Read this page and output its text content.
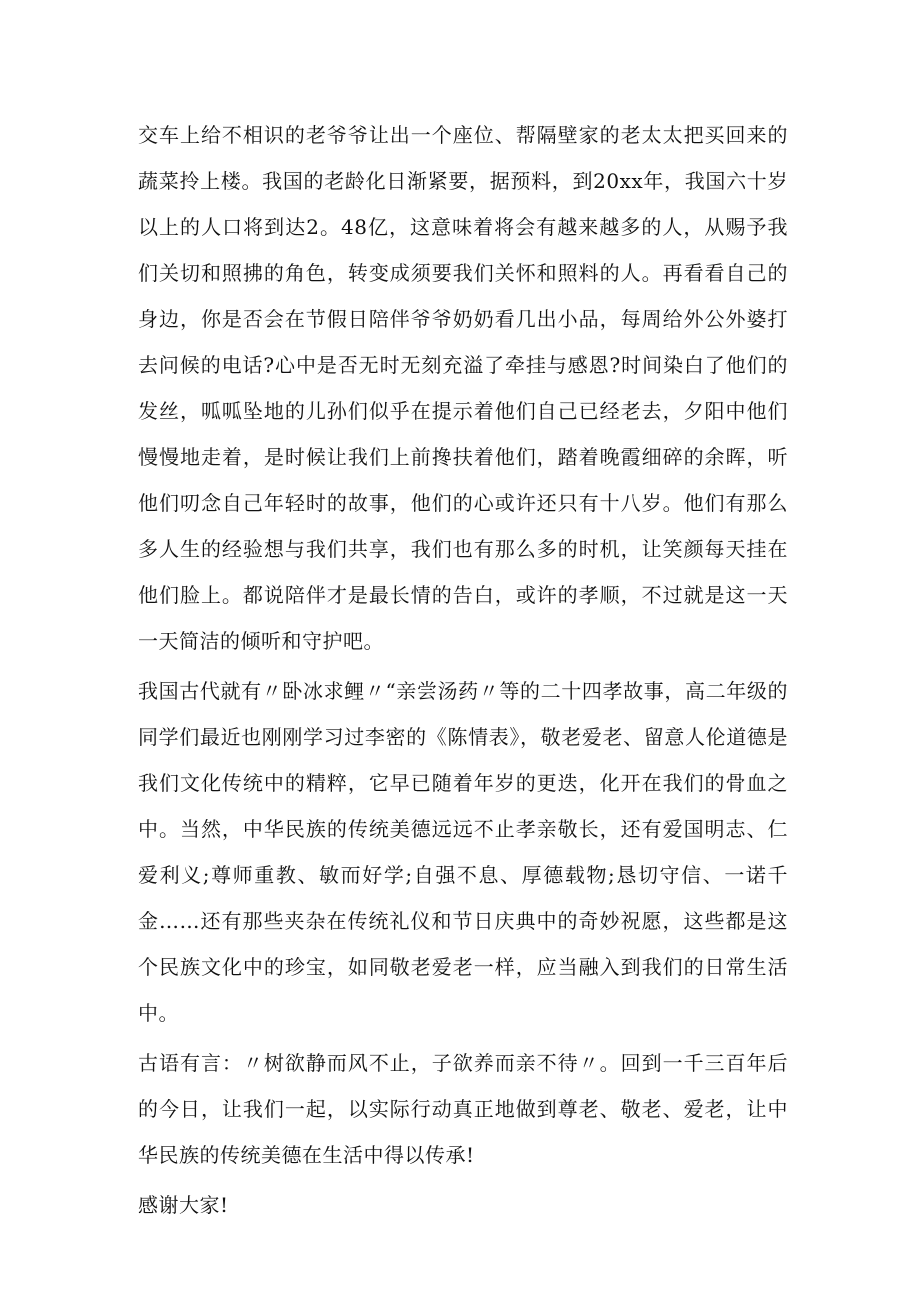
交车上给不相识的老爷爷让出一个座位、帮隔壁家的老太太把买回来的蔬菜拎上楼。我国的老龄化日渐紧要，据预料，到20xx年，我国六十岁以上的人口将到达2。48亿，这意味着将会有越来越多的人，从赐予我们关切和照拂的角色，转变成须要我们关怀和照料的人。再看看自己的身边，你是否会在节假日陪伴爷爷奶奶看几出小品，每周给外公外婆打去问候的电话?心中是否无时无刻充溢了牵挂与感恩?时间染白了他们的发丝，呱呱坠地的儿孙们似乎在提示着他们自己已经老去，夕阳中他们慢慢地走着，是时候让我们上前搀扶着他们，踏着晚霞细碎的余晖，听他们叨念自己年轻时的故事，他们的心或许还只有十八岁。他们有那么多人生的经验想与我们共享，我们也有那么多的时机，让笑颜每天挂在他们脸上。都说陪伴才是最长情的告白，或许的孝顺，不过就是这一天一天简洁的倾听和守护吧。

我国古代就有〃卧冰求鲤〃“亲尝汤药〃等的二十四孝故事，高二年级的同学们最近也刚刚学习过李密的《陈情表》，敬老爱老、留意人伦道德是我们文化传统中的精粹，它早已随着年岁的更迭，化开在我们的骨血之中。当然，中华民族的传统美德远远不止孝亲敬长，还有爱国明志、仁爱利义;尊师重教、敏而好学;自强不息、厚德载物;恳切守信、一诺千金……还有那些夹杂在传统礼仪和节日庆典中的奇妙祝愿，这些都是这个民族文化中的珍宝，如同敬老爱老一样，应当融入到我们的日常生活中。

古语有言：〃树欲静而风不止，子欲养而亲不待〃。回到一千三百年后的今日，让我们一起，以实际行动真正地做到尊老、敬老、爱老，让中华民族的传统美德在生活中得以传承!

感谢大家!
